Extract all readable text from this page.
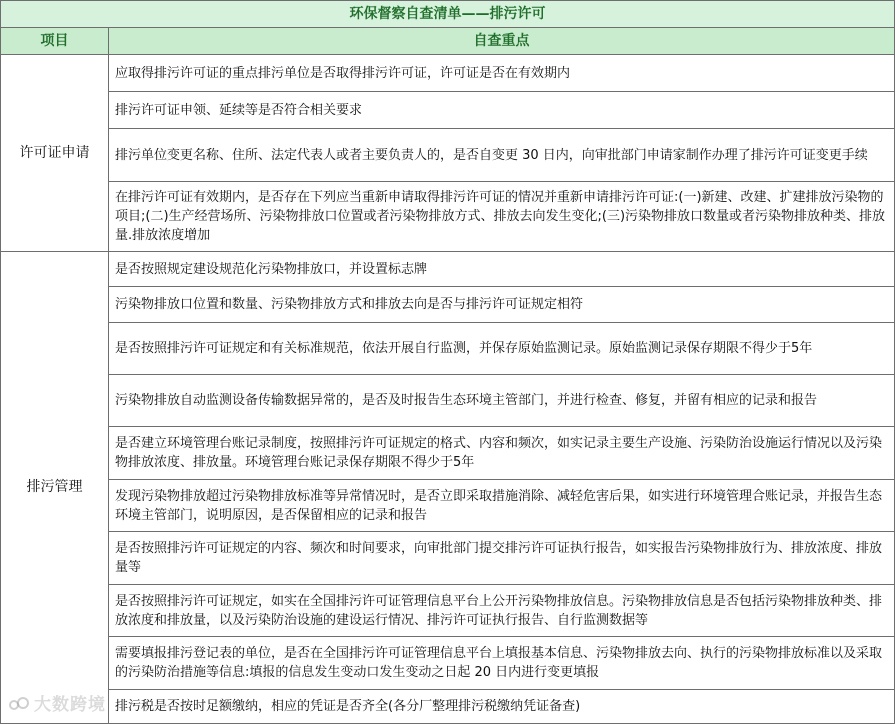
环保督察自查清单——排污许可	
项目	自查重点
许可证申请	应取得排污许可证的重点排污单位是否取得排污许可证，许可证是否在有效期内
	排污许可证申领、延续等是否符合相关要求
	排污单位变更名称、住所、法定代表人或者主要负责人的，是否自变更 30 日内，向审批部门申请家制作办理了排污许可证变更手续
	在排污许可证有效期内，是否存在下列应当重新申请取得排污许可证的情况并重新申请排污许可证:(一)新建、改建、扩建排放污染物的项目;(二)生产经营场所、污染物排放口位置或者污染物排放方式、排放去向发生变化;(三)污染物排放口数量或者污染物排放种类、排放量.排放浓度增加
排污管理	是否按照规定建设规范化污染物排放口，并设置标志牌
	污染物排放口位置和数量、污染物排放方式和排放去向是否与排污许可证规定相符
	是否按照排污许可证规定和有关标准规范，依法开展自行监测，并保存原始监测记录。原始监测记录保存期限不得少于5年
	污染物排放自动监测设备传输数据异常的，是否及时报告生态环境主管部门，并进行检查、修复，并留有相应的记录和报告
	是否建立环境管理台账记录制度，按照排污许可证规定的格式、内容和频次，如实记录主要生产设施、污染防治设施运行情况以及污染物排放浓度、排放量。环境管理台账记录保存期限不得少于5年
	发现污染物排放超过污染物排放标准等异常情况时，是否立即采取措施消除、减轻危害后果，如实进行环境管理合账记录，并报告生态环境主管部门，说明原因，是否保留相应的记录和报告
	是否按照排污许可证规定的内容、频次和时间要求，向审批部门提交排污许可证执行报告，如实报告污染物排放行为、排放浓度、排放量等
	是否按照排污许可证规定，如实在全国排污许可证管理信息平台上公开污染物排放信息。污染物排放信息是否包括污染物排放种类、排放浓度和排放量，以及污染防治设施的建设运行情况、排污许可证执行报告、自行监测数据等
	需要填报排污登记表的单位，是否在全国排污许可证管理信息平台上填报基本信息、污染物排放去向、执行的污染物排放标准以及采取的污染防治措施等信息:填报的信息发生变动口发生变动之日起 20 日内进行变更填报
	排污税是否按时足额缴纳，相应的凭证是否齐全(各分厂整理排污税缴纳凭证备查)
大数跨境
